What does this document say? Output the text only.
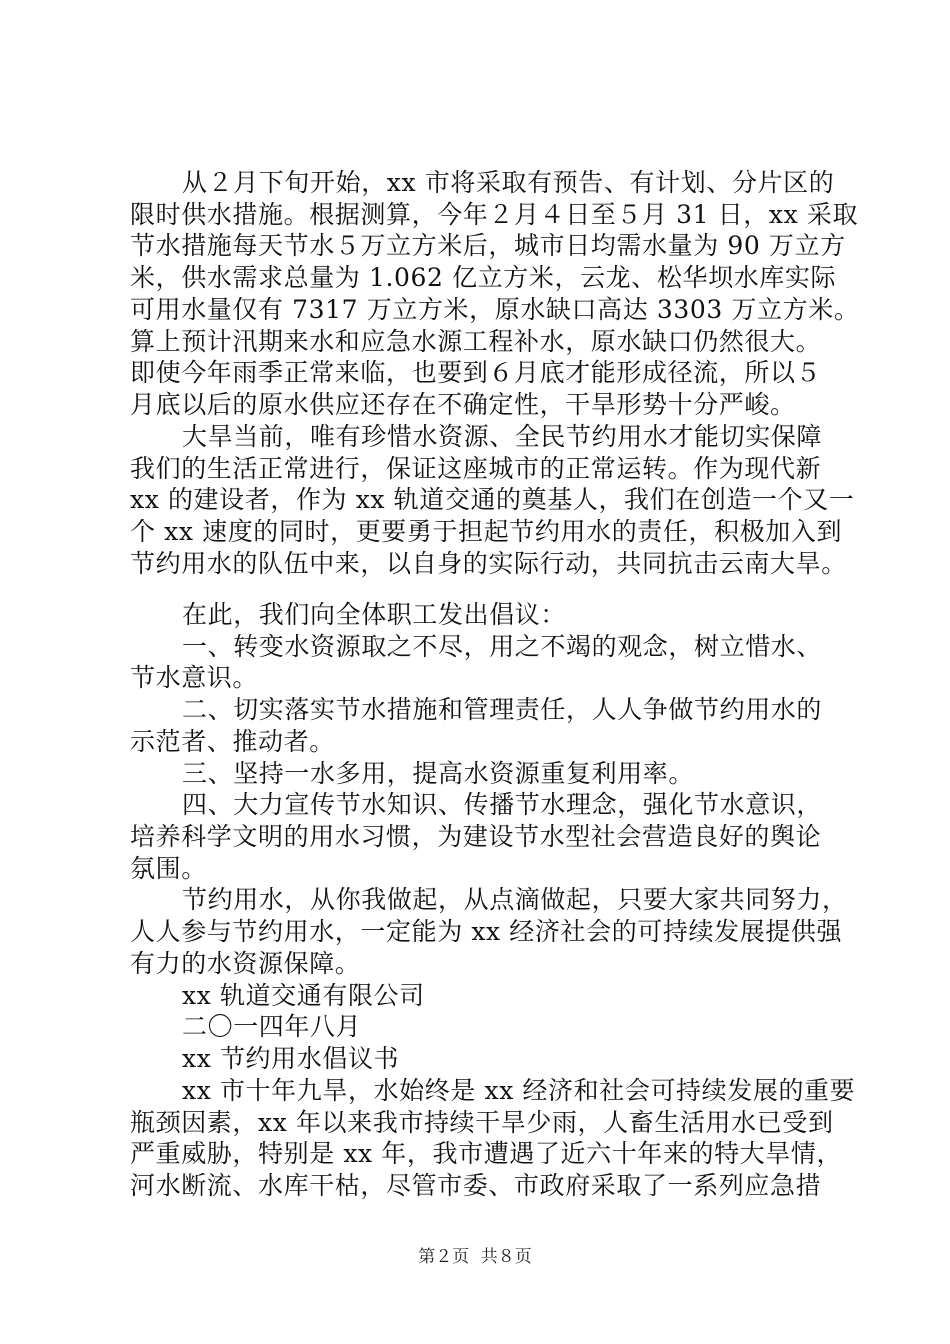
从２月下旬开始，xx 市将采取有预告、有计划、分片区的
限时供水措施。根据测算，今年２月４日至５月 31 日，xx 采取
节水措施每天节水５万立方米后，城市日均需水量为 90 万立方
米，供水需求总量为 1.062 亿立方米，云龙、松华坝水库实际
可用水量仅有 7317 万立方米，原水缺口高达 3303 万立方米。
算上预计汛期来水和应急水源工程补水，原水缺口仍然很大。
即使今年雨季正常来临，也要到６月底才能形成径流，所以５
月底以后的原水供应还存在不确定性，干旱形势十分严峻。
大旱当前，唯有珍惜水资源、全民节约用水才能切实保障
我们的生活正常进行，保证这座城市的正常运转。作为现代新
xx 的建设者，作为 xx 轨道交通的奠基人，我们在创造一个又一
个 xx 速度的同时，更要勇于担起节约用水的责任，积极加入到
节约用水的队伍中来，以自身的实际行动，共同抗击云南大旱。
在此，我们向全体职工发出倡议：
一、转变水资源取之不尽，用之不竭的观念，树立惜水、
节水意识。
二、切实落实节水措施和管理责任，人人争做节约用水的
示范者、推动者。
三、坚持一水多用，提高水资源重复利用率。
四、大力宣传节水知识、传播节水理念，强化节水意识，
培养科学文明的用水习惯，为建设节水型社会营造良好的舆论
氛围。
节约用水，从你我做起，从点滴做起，只要大家共同努力，
人人参与节约用水，一定能为 xx 经济社会的可持续发展提供强
有力的水资源保障。
xx 轨道交通有限公司
二〇一四年八月
xx 节约用水倡议书
xx 市十年九旱，水始终是 xx 经济和社会可持续发展的重要
瓶颈因素，xx 年以来我市持续干旱少雨，人畜生活用水已受到
严重威胁，特别是 xx 年，我市遭遇了近六十年来的特大旱情，
河水断流、水库干枯，尽管市委、市政府采取了一系列应急措
第２页 共８页
